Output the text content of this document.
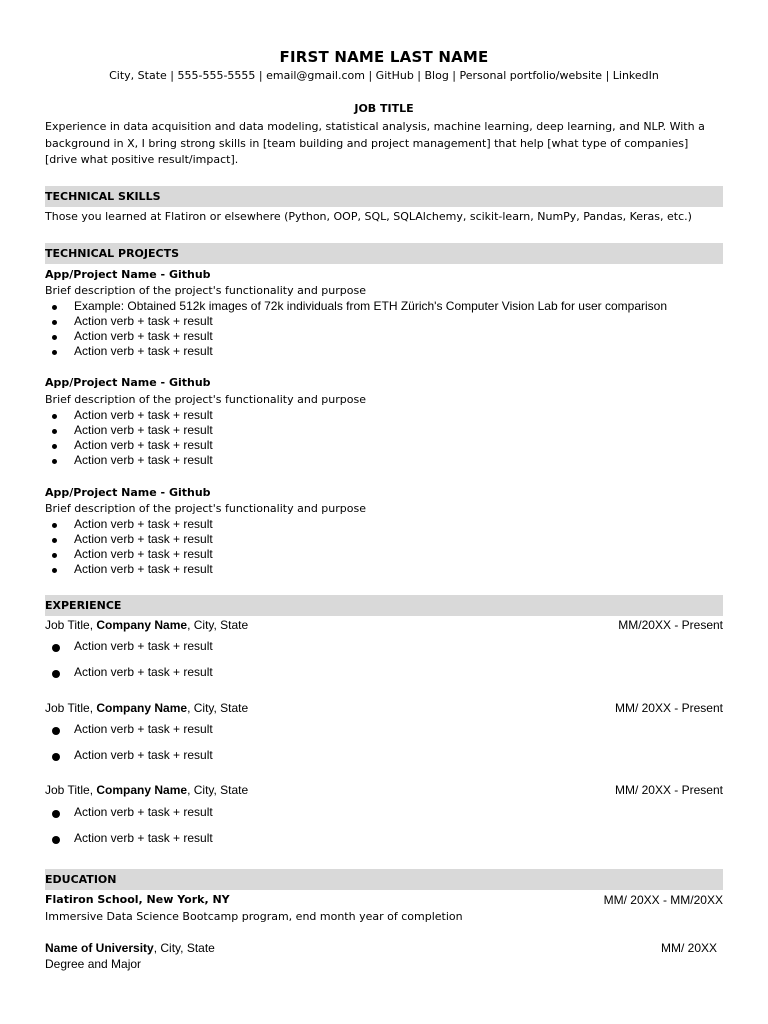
FIRST NAME LAST NAME
City, State | 555-555-5555 | email@gmail.com | GitHub | Blog | Personal portfolio/website | LinkedIn
JOB TITLE
Experience in data acquisition and data modeling, statistical analysis, machine learning, deep learning, and NLP. With a background in X, I bring strong skills in [team building and project management] that help [what type of companies] [drive what positive result/impact].
TECHNICAL SKILLS
Those you learned at Flatiron or elsewhere (Python, OOP, SQL, SQLAlchemy, scikit-learn, NumPy, Pandas, Keras, etc.)
TECHNICAL PROJECTS
App/Project Name - Github
Brief description of the project's functionality and purpose
Example: Obtained 512k images of 72k individuals from ETH Zürich's Computer Vision Lab for user comparison
Action verb + task + result
Action verb + task + result
Action verb + task + result
App/Project Name - Github
Brief description of the project's functionality and purpose
Action verb + task + result
Action verb + task + result
Action verb + task + result
Action verb + task + result
App/Project Name - Github
Brief description of the project's functionality and purpose
Action verb + task + result
Action verb + task + result
Action verb + task + result
Action verb + task + result
EXPERIENCE
Job Title, Company Name, City, State	MM/20XX - Present
Action verb + task + result
Action verb + task + result
Job Title, Company Name, City, State	MM/ 20XX - Present
Action verb + task + result
Action verb + task + result
Job Title, Company Name, City, State	MM/ 20XX - Present
Action verb + task + result
Action verb + task + result
EDUCATION
Flatiron School, New York, NY	MM/ 20XX - MM/20XX
Immersive Data Science Bootcamp program, end month year of completion
Name of University, City, State	MM/ 20XX
Degree and Major
